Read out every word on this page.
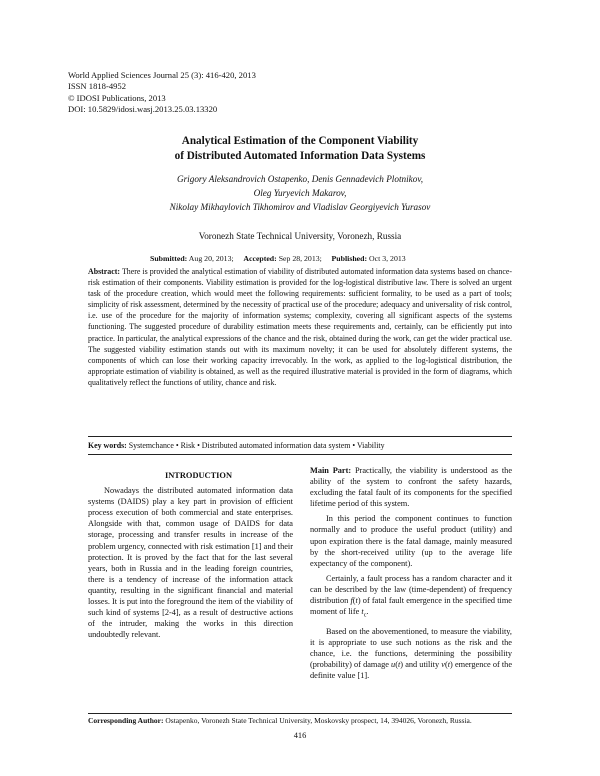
World Applied Sciences Journal 25 (3): 416-420, 2013
ISSN 1818-4952
© IDOSI Publications, 2013
DOI: 10.5829/idosi.wasj.2013.25.03.13320
Analytical Estimation of the Component Viability
of Distributed Automated Information Data Systems
Grigory Aleksandrovich Ostapenko, Denis Gennadevich Plotnikov,
Oleg Yuryevich Makarov,
Nikolay Mikhaylovich Tikhomirov and Vladislav Georgiyevich Yurasov
Voronezh State Technical University, Voronezh, Russia
Submitted: Aug 20, 2013; Accepted: Sep 28, 2013; Published: Oct 3, 2013
Abstract: There is provided the analytical estimation of viability of distributed automated information data systems based on chance-risk estimation of their components. Viability estimation is provided for the log-logistical distributive law. There is solved an urgent task of the procedure creation, which would meet the following requirements: sufficient formality, to be used as a part of tools; simplicity of risk assessment, determined by the necessity of practical use of the procedure; adequacy and universality of risk control, i.e. use of the procedure for the majority of information systems; complexity, covering all significant aspects of the systems functioning. The suggested procedure of durability estimation meets these requirements and, certainly, can be efficiently put into practice. In particular, the analytical expressions of the chance and the risk, obtained during the work, can get the wider practical use. The suggested viability estimation stands out with its maximum novelty; it can be used for absolutely different systems, the components of which can lose their working capacity irrevocably. In the work, as applied to the log-logistical distribution, the appropriate estimation of viability is obtained, as well as the required illustrative material is provided in the form of diagrams, which qualitatively reflect the functions of utility, chance and risk.
Key words: Systemchance • Risk • Distributed automated information data system • Viability

INTRODUCTION

Nowadays the distributed automated information data systems (DAIDS) play a key part in provision of efficient process execution of both commercial and state enterprises. Alongside with that, common usage of DAIDS for data storage, processing and transfer results in increase of the problem urgency, connected with risk estimation [1] and their protection. It is proved by the fact that for the last several years, both in Russia and in the leading foreign countries, there is a tendency of increase of the information attack quantity, resulting in the significant financial and material losses. It is put into the foreground the item of the viability of such kind of systems [2-4], as a result of destructive actions of the intruder, making the works in this direction undoubtedly relevant.

Main Part: Practically, the viability is understood as the ability of the system to confront the safety hazards, excluding the fatal fault of its components for the specified lifetime period of this system.

In this period the component continues to function normally and to produce the useful product (utility) and upon expiration there is the fatal damage, mainly measured by the short-received utility (up to the average life expectancy of the component).

Certainly, a fault process has a random character and it can be described by the law (time-dependent) of frequency distribution f(t) of fatal fault emergence in the specified time moment of life $t_c$.

Based on the abovementioned, to measure the viability, it is appropriate to use such notions as the risk and the chance, i.e. the functions, determining the possibility (probability) of damage u(t) and utility v(t) emergence of the definite value [1].

Corresponding Author: Ostapenko, Voronezh State Technical University, Moskovsky prospect, 14, 394026, Voronezh, Russia.
416
